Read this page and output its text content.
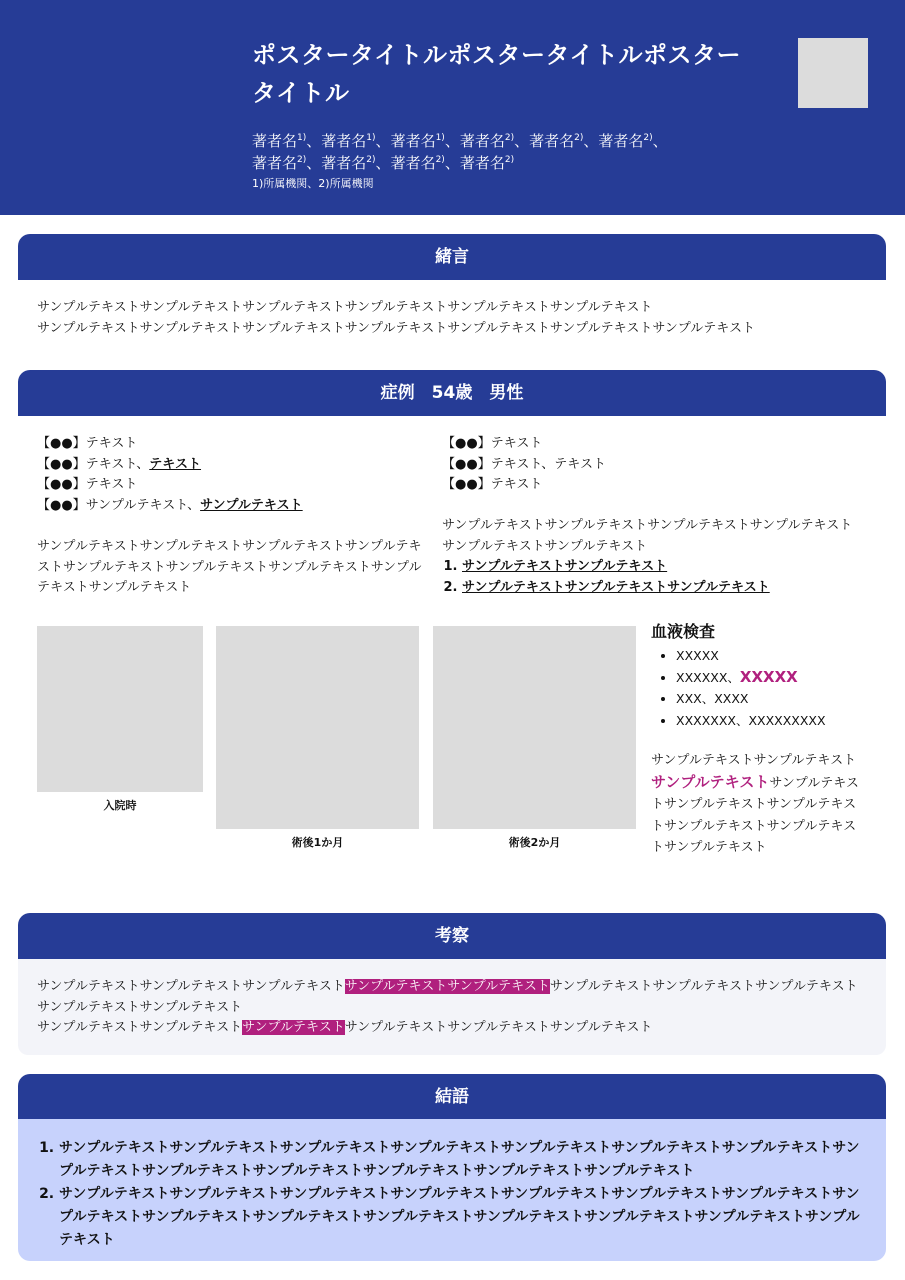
ポスタータイトルポスタータイトルポスタータイトル
著者名$^{1)}$、著者名$^{1)}$、著者名$^{1)}$、著者名$^{2)}$、著者名$^{2)}$、著者名$^{2)}$、
著者名$^{2)}$、著者名$^{2)}$、著者名$^{2)}$、著者名$^{2)}$
1)所属機関、2)所属機関
緒言
サンプルテキストサンプルテキストサンプルテキストサンプルテキストサンプルテキストサンプルテキスト
サンプルテキストサンプルテキストサンプルテキストサンプルテキストサンプルテキストサンプルテキストサンプルテキスト
症例　54歳　男性
【●●】テキスト
【●●】テキスト、テキスト
【●●】テキスト
【●●】サンプルテキスト、サンプルテキスト
サンプルテキストサンプルテキストサンプルテキストサンプルテキストサンプルテキストサンプルテキストサンプルテキストサンプルテキストサンプルテキスト
【●●】テキスト
【●●】テキスト、テキスト
【●●】テキスト
サンプルテキストサンプルテキストサンプルテキストサンプルテキストサンプルテキストサンプルテキスト
1. サンプルテキストサンプルテキスト
2. サンプルテキストサンプルテキストサンプルテキスト
入院時
術後1か月	術後2か月
血液検査
• XXXXX
• XXXXXX、XXXXX
• XXX、XXXX
• XXXXXXX、XXXXXXXXX
サンプルテキストサンプルテキストサンプルテキストサンプルテキストサンプルテキストサンプルテキストサンプルテキストサンプルテキストサンプルテキスト
考察
サンプルテキストサンプルテキストサンプルテキストサンプルテキストサンプルテキストサンプルテキストサンプルテキストサンプルテキストサンプルテキストサンプルテキスト
サンプルテキストサンプルテキストサンプルテキストサンプルテキストサンプルテキストサンプルテキスト
結語
1. サンプルテキストサンプルテキストサンプルテキストサンプルテキストサンプルテキストサンプルテキストサンプルテキストサンプルテキストサンプルテキストサンプルテキストサンプルテキストサンプルテキストサンプルテキスト
2. サンプルテキストサンプルテキストサンプルテキストサンプルテキストサンプルテキストサンプルテキストサンプルテキストサンプルテキストサンプルテキストサンプルテキストサンプルテキストサンプルテキストサンプルテキストサンプルテキストサンプルテキスト
